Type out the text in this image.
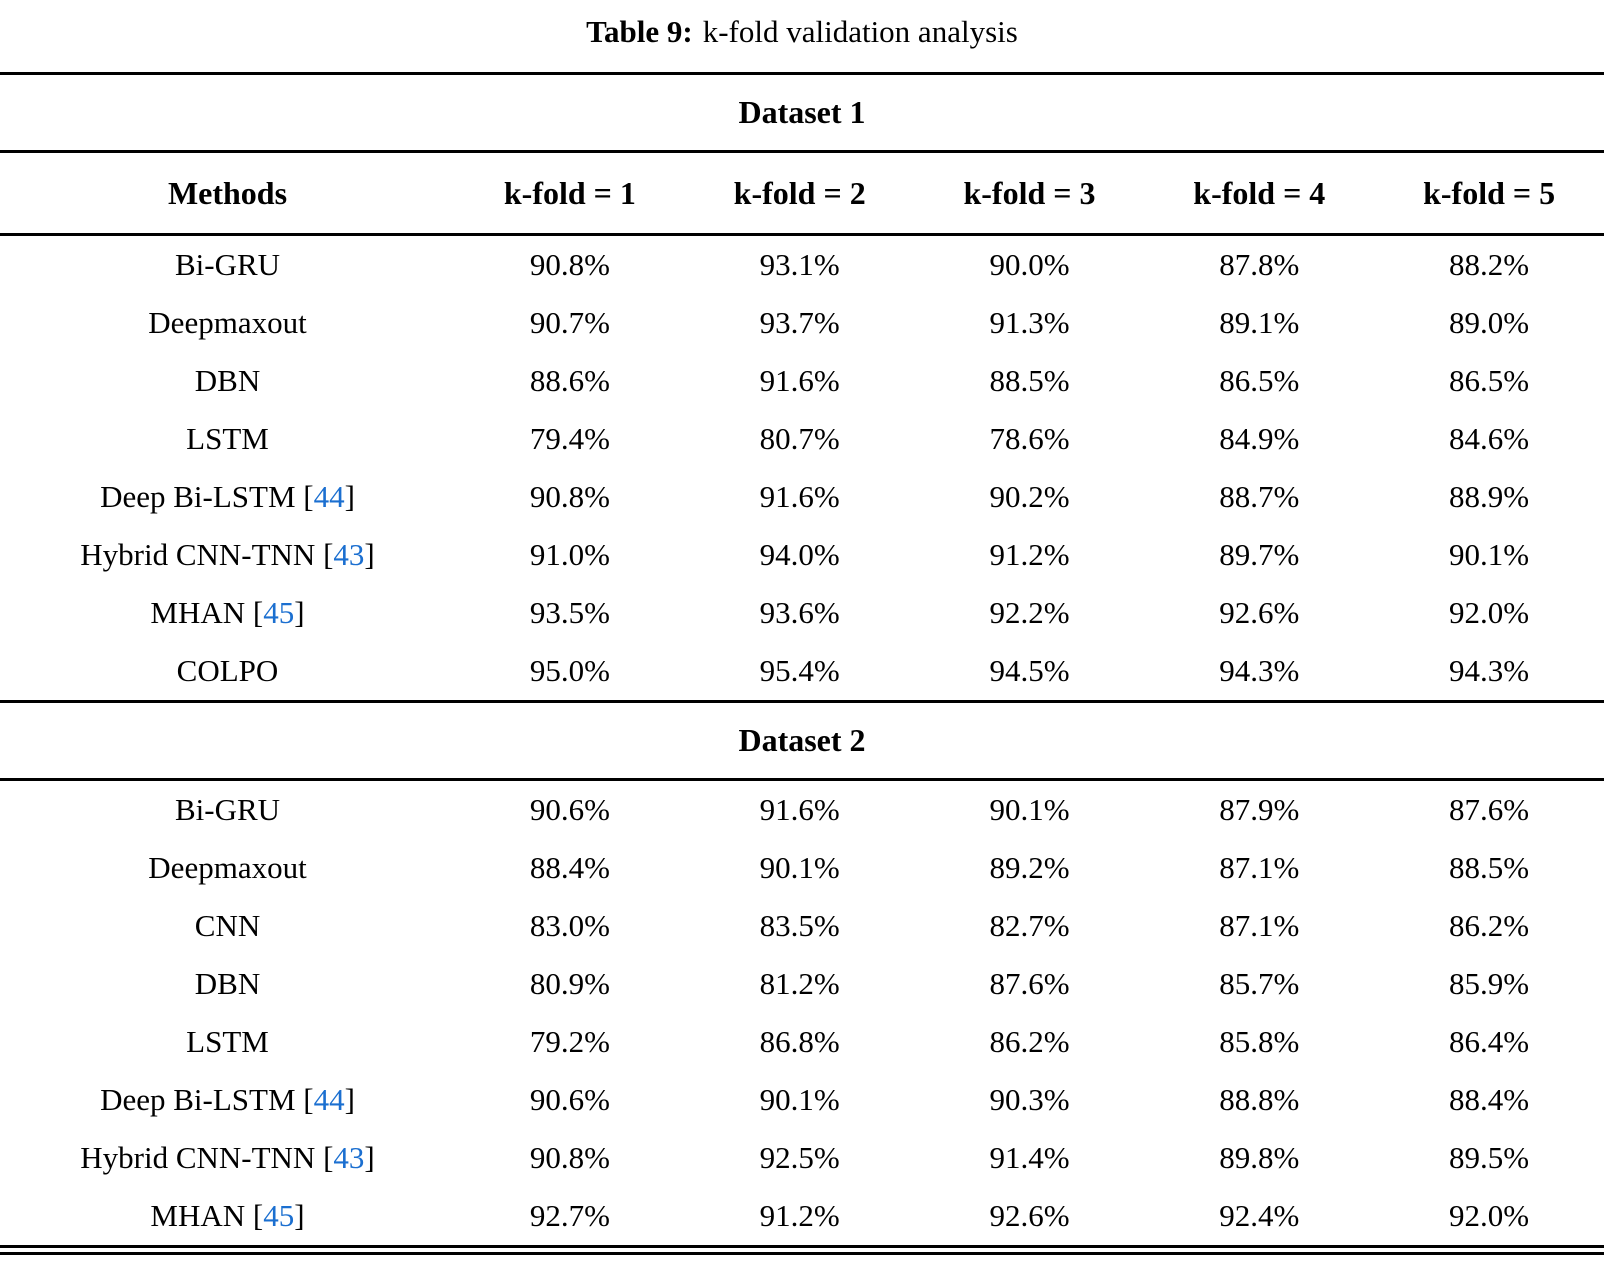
Table 9: k-fold validation analysis
Dataset 1
Methods	k-fold = 1	k-fold = 2	k-fold = 3	k-fold = 4	k-fold = 5
Bi-GRU	90.8%	93.1%	90.0%	87.8%	88.2%
Deepmaxout	90.7%	93.7%	91.3%	89.1%	89.0%
DBN	88.6%	91.6%	88.5%	86.5%	86.5%
LSTM	79.4%	80.7%	78.6%	84.9%	84.6%
Deep Bi-LSTM [44]	90.8%	91.6%	90.2%	88.7%	88.9%
Hybrid CNN-TNN [43]	91.0%	94.0%	91.2%	89.7%	90.1%
MHAN [45]	93.5%	93.6%	92.2%	92.6%	92.0%
COLPO	95.0%	95.4%	94.5%	94.3%	94.3%
Dataset 2
Bi-GRU	90.6%	91.6%	90.1%	87.9%	87.6%
Deepmaxout	88.4%	90.1%	89.2%	87.1%	88.5%
CNN	83.0%	83.5%	82.7%	87.1%	86.2%
DBN	80.9%	81.2%	87.6%	85.7%	85.9%
LSTM	79.2%	86.8%	86.2%	85.8%	86.4%
Deep Bi-LSTM [44]	90.6%	90.1%	90.3%	88.8%	88.4%
Hybrid CNN-TNN [43]	90.8%	92.5%	91.4%	89.8%	89.5%
MHAN [45]	92.7%	91.2%	92.6%	92.4%	92.0%
